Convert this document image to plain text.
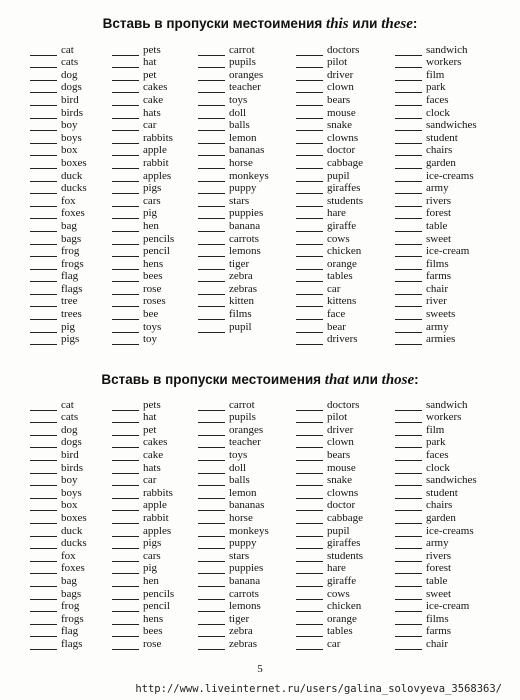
Вставь в пропуски местоимения this или these:
cat
cats
dog
dogs
bird
birds
boy
boys
box
boxes
duck
ducks
fox
foxes
bag
bags
frog
frogs
flag
flags
tree
trees
pig
pigs
pets
hat
pet
cakes
cake
hats
car
rabbits
apple
rabbit
apples
pigs
cars
pig
hen
pencils
pencil
hens
bees
rose
roses
bee
toys
toy
carrot
pupils
oranges
teacher
toys
doll
balls
lemon
bananas
horse
monkeys
puppy
stars
puppies
banana
carrots
lemons
tiger
zebra
zebras
kitten
films
pupil
doctors
pilot
driver
clown
bears
mouse
snake
clowns
doctor
cabbage
pupil
giraffes
students
hare
giraffe
cows
chicken
orange
tables
car
kittens
face
bear
drivers
sandwich
workers
film
park
faces
clock
sandwiches
student
chairs
garden
ice-creams
army
rivers
forest
table
sweet
ice-cream
films
farms
chair
river
sweets
army
armies
Вставь в пропуски местоимения that или those:
cat
cats
dog
dogs
bird
birds
boy
boys
box
boxes
duck
ducks
fox
foxes
bag
bags
frog
frogs
flag
flags
pets
hat
pet
cakes
cake
hats
car
rabbits
apple
rabbit
apples
pigs
cars
pig
hen
pencils
pencil
hens
bees
rose
carrot
pupils
oranges
teacher
toys
doll
balls
lemon
bananas
horse
monkeys
puppy
stars
puppies
banana
carrots
lemons
tiger
zebra
zebras
doctors
pilot
driver
clown
bears
mouse
snake
clowns
doctor
cabbage
pupil
giraffes
students
hare
giraffe
cows
chicken
orange
tables
car
sandwich
workers
film
park
faces
clock
sandwiches
student
chairs
garden
ice-creams
army
rivers
forest
table
sweet
ice-cream
films
farms
chair
5
http://www.liveinternet.ru/users/galina_solovyeva_3568363/
